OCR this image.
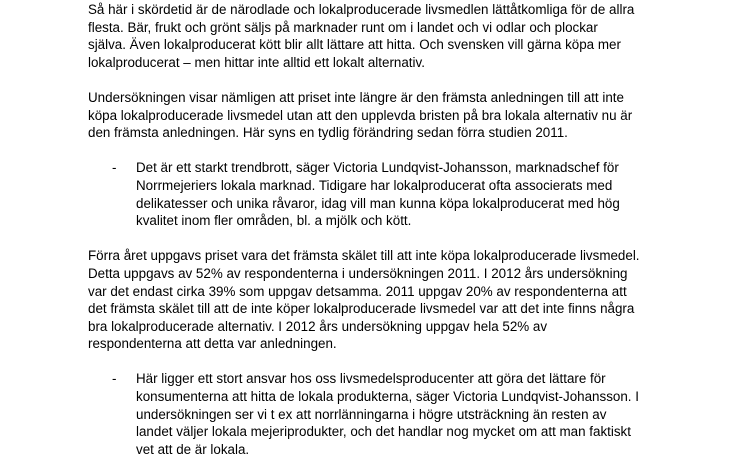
Så här i skördetid är de närodlade och lokalproducerade livsmedlen lättåtkomliga för de allra
flesta. Bär, frukt och grönt säljs på marknader runt om i landet och vi odlar och plockar
själva. Även lokalproducerat kött blir allt lättare att hitta. Och svensken vill gärna köpa mer
lokalproducerat – men hittar inte alltid ett lokalt alternativ.

Undersökningen visar nämligen att priset inte längre är den främsta anledningen till att inte
köpa lokalproducerade livsmedel utan att den upplevda bristen på bra lokala alternativ nu är
den främsta anledningen. Här syns en tydlig förändring sedan förra studien 2011.

- Det är ett starkt trendbrott, säger Victoria Lundqvist-Johansson, marknadschef för
Norrmejeriers lokala marknad. Tidigare har lokalproducerat ofta associerats med
delikatesser och unika råvaror, idag vill man kunna köpa lokalproducerat med hög
kvalitet inom fler områden, bl. a mjölk och kött.

Förra året uppgavs priset vara det främsta skälet till att inte köpa lokalproducerade livsmedel.
Detta uppgavs av 52% av respondenterna i undersökningen 2011. I 2012 års undersökning
var det endast cirka 39% som uppgav detsamma. 2011 uppgav 20% av respondenterna att
det främsta skälet till att de inte köper lokalproducerade livsmedel var att det inte finns några
bra lokalproducerade alternativ. I 2012 års undersökning uppgav hela 52% av
respondenterna att detta var anledningen.

- Här ligger ett stort ansvar hos oss livsmedelsproducenter att göra det lättare för
konsumenterna att hitta de lokala produkterna, säger Victoria Lundqvist-Johansson. I
undersökningen ser vi t ex att norrlänningarna i högre utsträckning än resten av
landet väljer lokala mejeriprodukter, och det handlar nog mycket om att man faktiskt
vet att de är lokala.
